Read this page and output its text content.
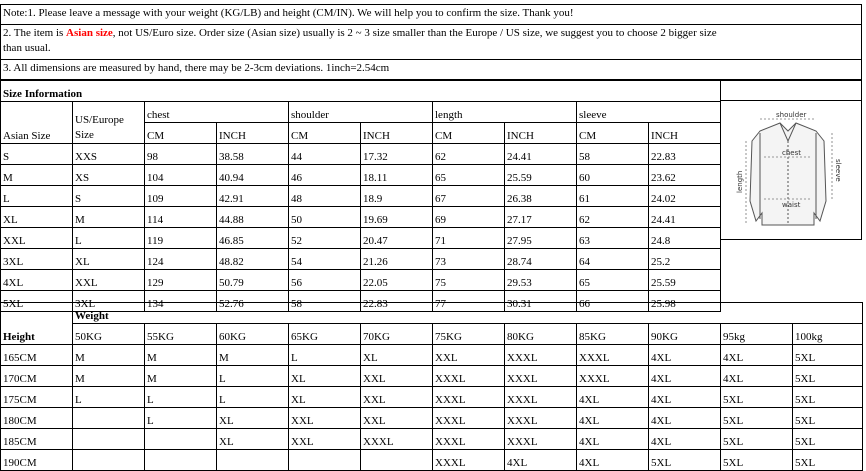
Note:1. Please leave a message with your weight (KG/LB) and height (CM/IN). We will help you to confirm the size. Thank you!
2. The item is Asian size, not US/Euro size. Order size (Asian size) usually is 2 ~ 3 size smaller than the Europe / US size, we suggest you to choose 2 bigger size
than usual.
3. All dimensions are measured by hand, there may be 2-3cm deviations. 1inch=2.54cm
Size Information									
Asian Size	US/Europe Size	chest		shoulder		length		sleeve	
		CM	INCH	CM	INCH	CM	INCH	CM	INCH
S	XXS	98	38.58	44	17.32	62	24.41	58	22.83
M	XS	104	40.94	46	18.11	65	25.59	60	23.62
L	S	109	42.91	48	18.9	67	26.38	61	24.02
XL	M	114	44.88	50	19.69	69	27.17	62	24.41
XXL	L	119	46.85	52	20.47	71	27.95	63	24.8
3XL	XL	124	48.82	54	21.26	73	28.74	64	25.2
4XL	XXL	129	50.79	56	22.05	75	29.53	65	25.59
5XL	3XL	134	52.76	58	22.83	77	30.31	66	25.98
shoulder
chest
waist
length
sleeve
	Weight										
Height	50KG	55KG	60KG	65KG	70KG	75KG	80KG	85KG	90KG	95kg	100kg
165CM	M	M	M	L	XL	XXL	XXXL	XXXL	4XL	4XL	5XL
170CM	M	M	L	XL	XXL	XXXL	XXXL	XXXL	4XL	4XL	5XL
175CM	L	L	L	XL	XXL	XXXL	XXXL	4XL	4XL	5XL	5XL
180CM		L	XL	XXL	XXL	XXXL	XXXL	4XL	4XL	5XL	5XL
185CM			XL	XXL	XXXL	XXXL	XXXL	4XL	4XL	5XL	5XL
190CM						XXXL	4XL	4XL	5XL	5XL	5XL
